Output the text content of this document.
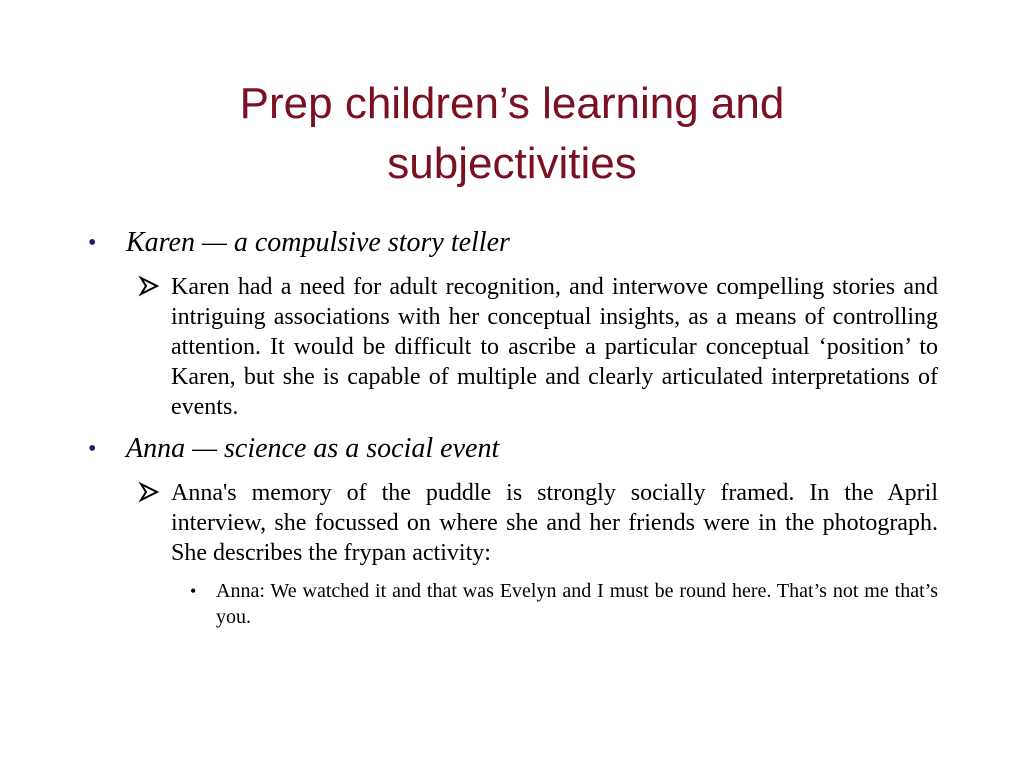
Prep children’s learning and
subjectivities
• Karen — a compulsive story teller
Karen had a need for adult recognition, and interwove compelling stories and intriguing associations with her conceptual insights, as a means of controlling attention. It would be difficult to ascribe a particular conceptual ‘position’ to Karen, but she is capable of multiple and clearly articulated interpretations of events.
• Anna — science as a social event
Anna's memory of the puddle is strongly socially framed. In the April interview, she focussed on where she and her friends were in the photograph. She describes the frypan activity:
• Anna: We watched it and that was Evelyn and I must be round here. That’s not me that’s you.
